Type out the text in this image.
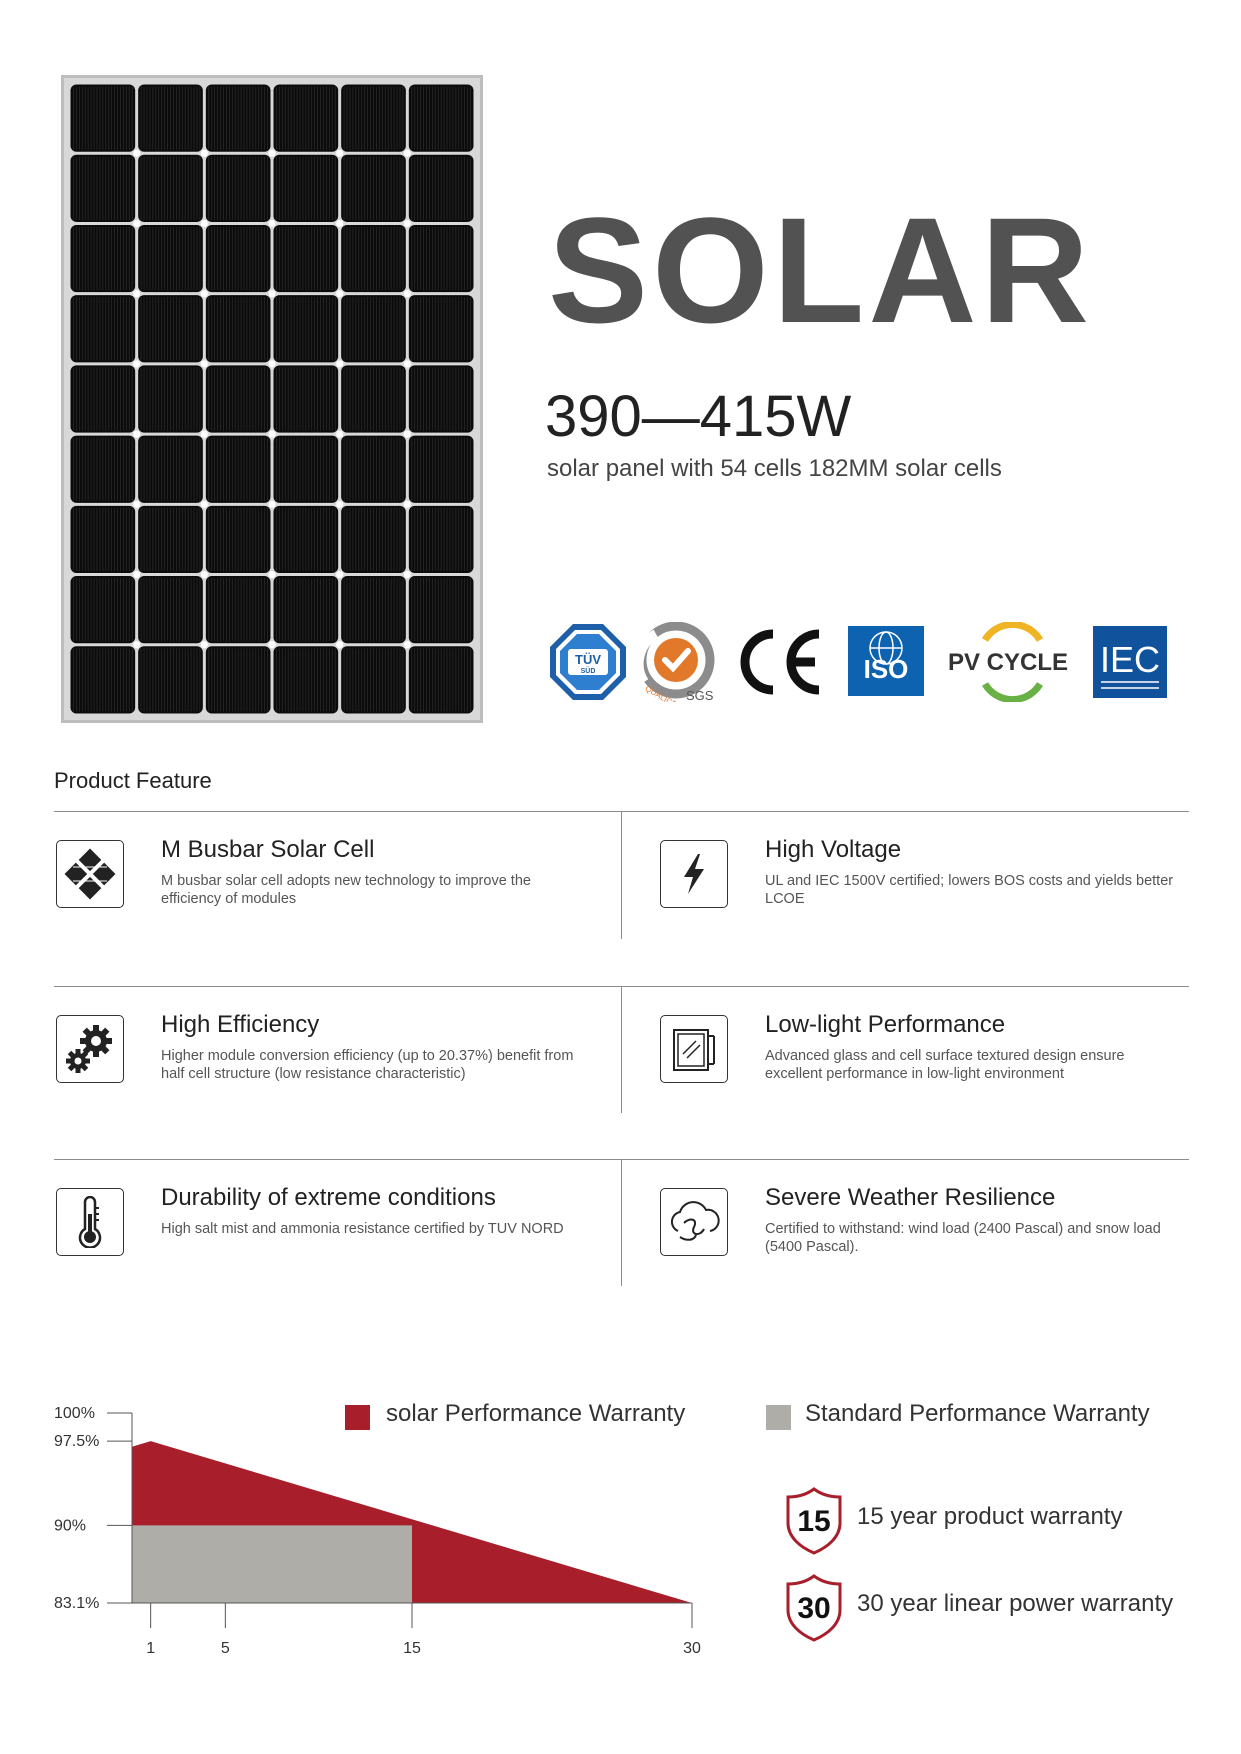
SOLAR
390—415W
solar panel with 54 cells 182MM solar cells
TÜV
SÜD
QUALICERT
SGS
ISO PV CYCLE IEC
Product Feature
M Busbar Solar Cell
M busbar solar cell adopts new technology to improve the efficiency of modules
High Voltage
UL and IEC 1500V certified; lowers BOS costs and yields better LCOE
High Efficiency
Higher module conversion efficiency (up to 20.37%) benefit from half cell structure (low resistance characteristic)
Low-light Performance
Advanced glass and cell surface textured design ensure excellent performance in low-light environment
Durability of extreme conditions
High salt mist and ammonia resistance certified by TUV NORD
Severe Weather Resilience
Certified to withstand: wind load (2400 Pascal) and snow load (5400 Pascal).
100%
97.5%
90%
83.1%
1	5	15	30
solar Performance Warranty	Standard Performance Warranty
15 15 year product warranty
30 30 year linear power warranty
